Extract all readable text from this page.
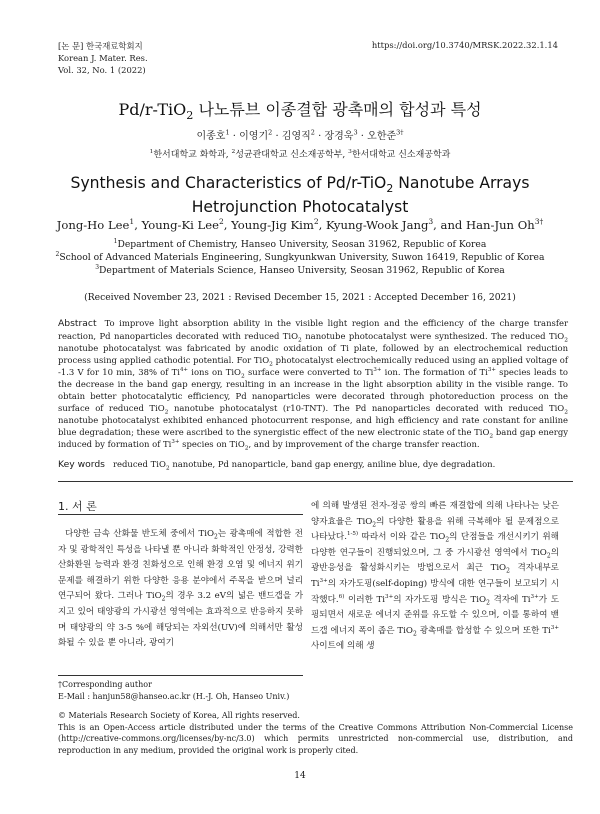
[논 문] 한국재료학회지
Korean J. Mater. Res.
Vol. 32, No. 1 (2022)
https://doi.org/10.3740/MRSK.2022.32.1.14
Pd/r-TiO$_2$ 나노튜브 이종결합 광촉매의 합성과 특성
이종호$^1$ · 이영기$^2$ · 김영직$^2$ · 장경욱$^3$ · 오한준$^{3\dagger}$
$^1$한서대학교 화학과, $^2$성균관대학교 신소재공학부, $^3$한서대학교 신소재공학과
Synthesis and Characteristics of Pd/r-TiO$_2$ Nanotube Arrays
Hetrojunction Photocatalyst
Jong-Ho Lee$^1$, Young-Ki Lee$^2$, Young-Jig Kim$^2$, Kyung-Wook Jang$^3$, and Han-Jun $Oh^{3\dagger}$
$^1$Department of Chemistry, Hanseo University, Seosan 31962, Republic of Korea
$^2$School of Advanced Materials Engineering, Sungkyunkwan University, Suwon 16419, Republic of Korea
$^3$Department of Materials Science, Hanseo University, Seosan 31962, Republic of Korea
(Received November 23, 2021 : Revised December 15, 2021 : Accepted December 16, 2021)
Abstract To improve light absorption ability in the visible light region and the efficiency of the charge transfer reaction, Pd nanoparticles decorated with reduced TiO$_2$ nanotube photocatalyst were synthesized. The reduced TiO$_2$ nanotube photocatalyst was fabricated by anodic oxidation of Ti plate, followed by an electrochemical reduction process using applied cathodic potential. For TiO$_2$ photocatalyst electrochemically reduced using an applied voltage of -1.3 V for 10 min, 38% of $Ti^{4+}$ ions on TiO$_2$ surface were converted to $Ti^{3+}$ ion. The formation of $Ti^{3+}$ species leads to the decrease in the band gap energy, resulting in an increase in the light absorption ability in the visible range. To obtain better photocatalytic efficiency, Pd nanoparticles were decorated through photoreduction process on the surface of reduced TiO$_2$ nanotube photocatalyst (r10-TNT). The Pd nanoparticles decorated with reduced TiO$_2$ nanotube photocatalyst exhibited enhanced photocurrent response, and high efficiency and rate constant for aniline blue degradation; these were ascribed to the synergistic effect of the new electronic state of the TiO$_2$ band gap energy induced by formation of $Ti^{3+}$ species on TiO$_2$, and by improvement of the charge transfer reaction.
Key words reduced TiO$_2$ nanotube, Pd nanoparticle, band gap energy, aniline blue, dye degradation.
1. 서 론

다양한 금속 산화물 반도체 중에서 TiO$_2$는 광촉매에 적합한 전자 및 광학적인 특성을 나타낼 뿐 아니라 화학적인 안정성, 강력한 산화환원 능력과 환경 친화성으로 인해 환경 오염 및 에너지 위기 문제를 해결하기 위한 다양한 응용 분야에서 주목을 받으며 널리 연구되어 왔다. 그러나 TiO$_2$의 경우 3.2 eV의 넓은 밴드갭을 가지고 있어 태양광의 가시광선 영역에는 효과적으로 반응하지 못하며 태양광의 약 3-5 %에 해당되는 자외선(UV)에 의해서만 활성화될 수 있을 뿐 아니라, 광여기

에 의해 발생된 전자-정공 쌍의 빠른 재결합에 의해 나타나는 낮은 양자효율은 TiO$_2$의 다양한 활용을 위해 극복해야 될 문제점으로 나타났다.$^{1-5)}$ 따라서 이와 같은 TiO$_2$의 단점들을 개선시키기 위해 다양한 연구들이 진행되었으며, 그 중 가시광선 영역에서 TiO$_2$의 광반응성을 활성화시키는 방법으로서 최근 TiO$_2$ 격자내부로 $Ti^{3+}$의 자가도핑(self-doping) 방식에 대한 연구들이 보고되기 시작했다.$^{6)}$ 이러한 $Ti^{3+}$의 자가도핑 방식은 TiO$_2$ 격자에 $Ti^{3+}$가 도핑되면서 새로운 에너지 준위를 유도할 수 있으며, 이를 통하여 밴드갭 에너지 폭이 좁은 TiO$_2$ 광촉매를 합성할 수 있으며 또한 $Ti^{3+}$ 사이트에 의해 생

†Corresponding author

E-Mail : hanjun58@hanseo.ac.kr (H.-J. Oh, Hanseo Univ.)

© Materials Research Society of Korea, All rights reserved.

This is an Open-Access article distributed under the terms of the Creative Commons Attribution Non-Commercial License (http://creative-commons.org/licenses/by-nc/3.0) which permits unrestricted non-commercial use, distribution, and reproduction in any medium, provided the original work is properly cited.

14
